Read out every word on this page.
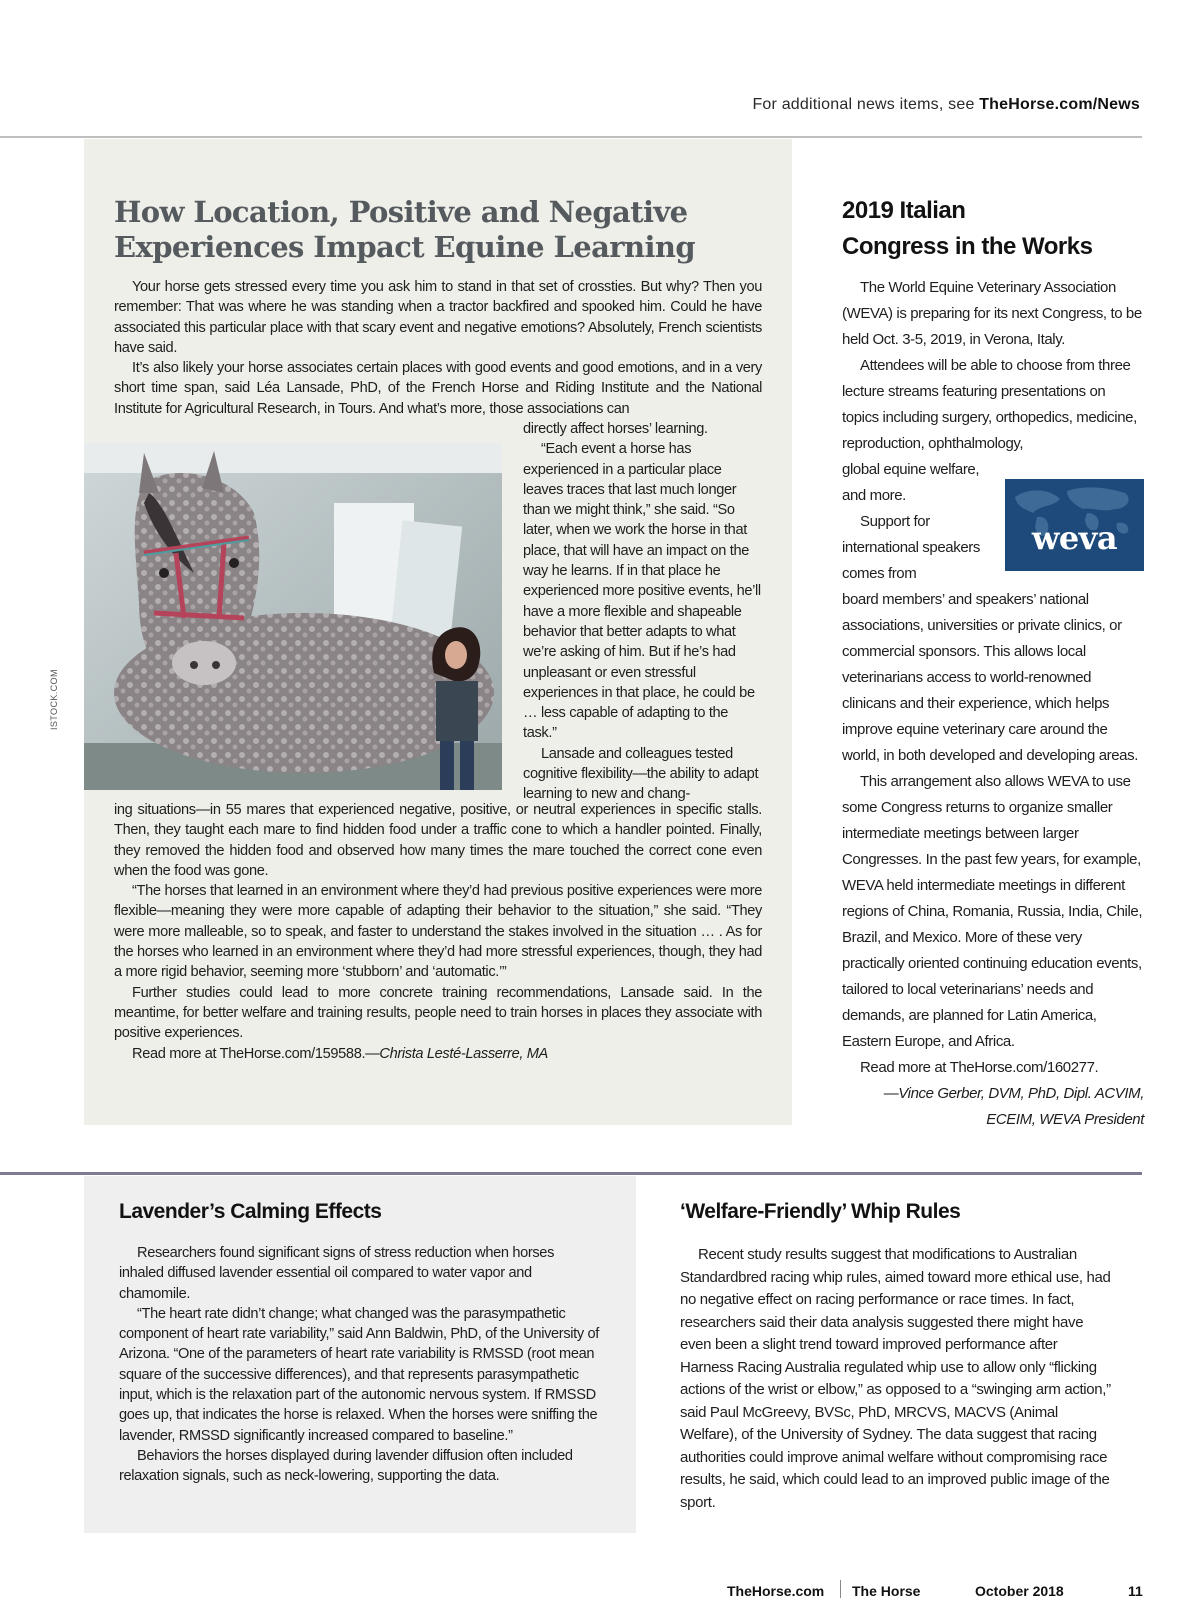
For additional news items, see TheHorse.com/News
How Location, Positive and Negative Experiences Impact Equine Learning

Your horse gets stressed every time you ask him to stand in that set of crossties. But why? Then you remember: That was where he was standing when a tractor backfired and spooked him. Could he have associated this particular place with that scary event and negative emotions? Absolutely, French scientists have said.

It’s also likely your horse associates certain places with good events and good emotions, and in a very short time span, said Léa Lansade, PhD, of the French Horse and Riding Institute and the National Institute for Agricultural Research, in Tours. And what’s more, those associations can

ISTOCK.COM

directly affect horses’ learning.

“Each event a horse has experienced in a particular place leaves traces that last much longer than we might think,” she said. “So later, when we work the horse in that place, that will have an impact on the way he learns. If in that place he experienced more positive events, he’ll have a more flexible and shapeable behavior that better adapts to what we’re asking of him. But if he’s had unpleasant or even stressful experiences in that place, he could be … less capable of adapting to the task.”

Lansade and colleagues tested cognitive flexibility—the ability to adapt learning to new and chang-

ing situations—in 55 mares that experienced negative, positive, or neutral experiences in specific stalls. Then, they taught each mare to find hidden food under a traffic cone to which a handler pointed. Finally, they removed the hidden food and observed how many times the mare touched the correct cone even when the food was gone.

“The horses that learned in an environment where they’d had previous positive experiences were more flexible—meaning they were more capable of adapting their behavior to the situation,” she said. “They were more malleable, so to speak, and faster to understand the stakes involved in the situation … . As for the horses who learned in an environment where they’d had more stressful experiences, though, they had a more rigid behavior, seeming more ‘stubborn’ and ‘automatic.’”

Further studies could lead to more concrete training recommendations, Lansade said. In the meantime, for better welfare and training results, people need to train horses in places they associate with positive experiences.

Read more at TheHorse.com/159588.—Christa Lesté-Lasserre, MA

2019 Italian
Congress in the Works

The World Equine Veterinary Association (WEVA) is preparing for its next Congress, to be held Oct. 3-5, 2019, in Verona, Italy.

Attendees will be able to choose from three lecture streams featuring presentations on topics including surgery, orthopedics, medicine, reproduction, ophthalmology,

global equine welfare, and more.

Support for international speakers comes from

weva

board members’ and speakers’ national associations, universities or private clinics, or commercial sponsors. This allows local veterinarians access to world-renowned clinicans and their experience, which helps improve equine veterinary care around the world, in both developed and developing areas.

This arrangement also allows WEVA to use some Congress returns to organize smaller intermediate meetings between larger Congresses. In the past few years, for example, WEVA held intermediate meetings in different regions of China, Romania, Russia, India, Chile, Brazil, and Mexico. More of these very practically oriented continuing education events, tailored to local veterinarians’ needs and demands, are planned for Latin America, Eastern Europe, and Africa.

Read more at TheHorse.com/160277.

—Vince Gerber, DVM, PhD, Dipl. ACVIM,

ECEIM, WEVA President

Lavender’s Calming Effects

Researchers found significant signs of stress reduction when horses inhaled diffused lavender essential oil compared to water vapor and chamomile.

“The heart rate didn’t change; what changed was the parasympathetic component of heart rate variability,” said Ann Baldwin, PhD, of the University of Arizona. “One of the parameters of heart rate variability is RMSSD (root mean square of the successive differences), and that represents parasympathetic input, which is the relaxation part of the autonomic nervous system. If RMSSD goes up, that indicates the horse is relaxed. When the horses were sniffing the lavender, RMSSD significantly increased compared to baseline.”

Behaviors the horses displayed during lavender diffusion often included relaxation signals, such as neck-lowering, supporting the data.

‘Welfare-Friendly’ Whip Rules

Recent study results suggest that modifications to Australian Standardbred racing whip rules, aimed toward more ethical use, had no negative effect on racing performance or race times. In fact, researchers said their data analysis suggested there might have even been a slight trend toward improved performance after Harness Racing Australia regulated whip use to allow only “flicking actions of the wrist or elbow,” as opposed to a “swinging arm action,” said Paul McGreevy, BVSc, PhD, MRCVS, MACVS (Animal Welfare), of the University of Sydney. The data suggest that racing authorities could improve animal welfare without compromising race results, he said, which could lead to an improved public image of the sport.

TheHorse.com The Horse	October 2018	11
